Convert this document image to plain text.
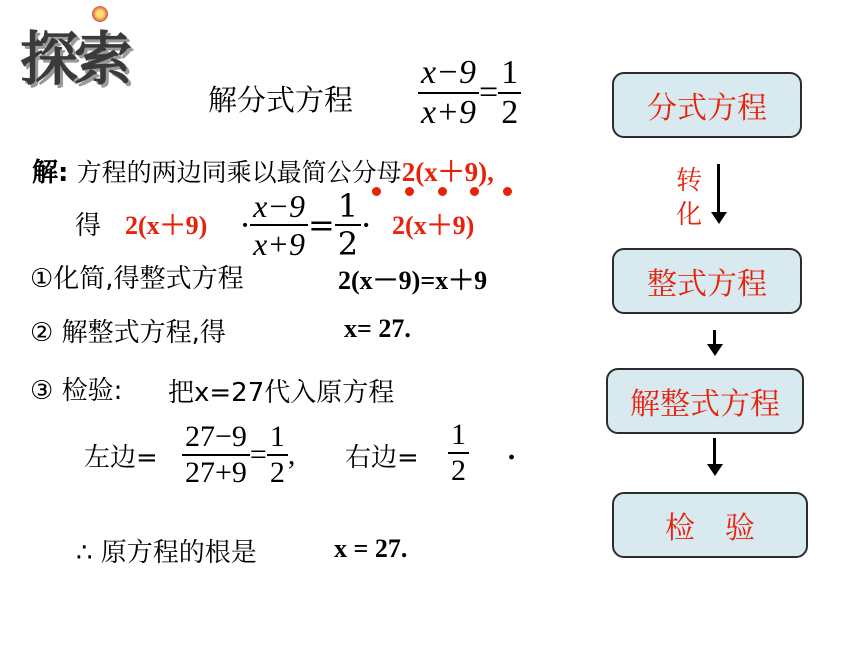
探索
解分式方程 $\frac{x-9}{x+9} = \frac{1}{2}$
解: 方程的两边同乘以最简公分母2(x＋9),
得 $2(x+9) \cdot \frac{x-9}{x+9} = \frac{1}{2} \cdot 2(x+9)$
①化简,得整式方程	2(x－9)=x＋9
② 解整式方程,得	x= 27.
③ 检验: 把x=27代入原方程
左边= $\frac{27-9}{27+9} = \frac{1}{2}$ , 右边= $\frac{1}{2}$ .
∴ 原方程的根是	x = 27.
分式方程
转
化
整式方程
解整式方程
检　验
